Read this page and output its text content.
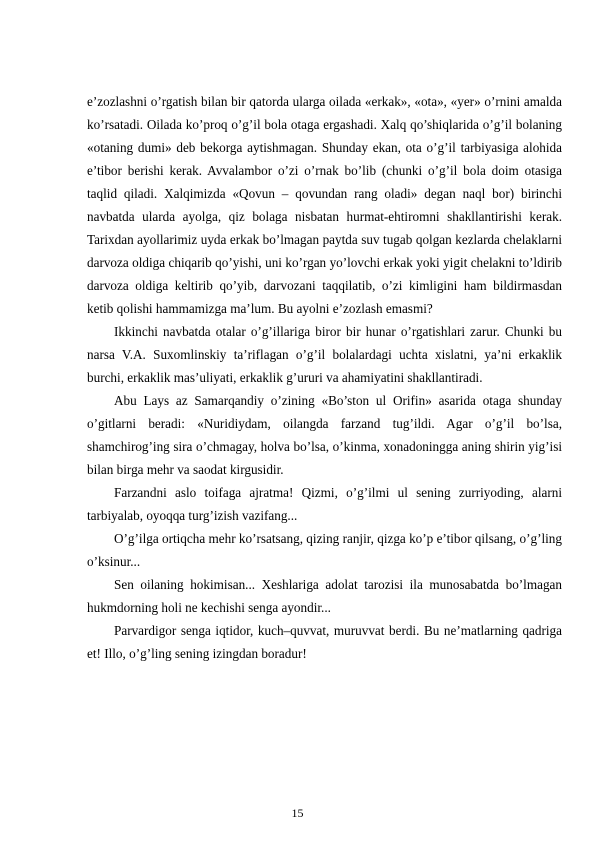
e’zozlashni o’rgatish bilan bir qatorda ularga oilada «erkak», «ota», «yer» o’rnini amalda ko’rsatadi. Oilada ko’proq o’g’il bola otaga ergashadi. Xalq qo’shiqlarida o’g’il bolaning «otaning dumi» deb bekorga aytishmagan. Shunday ekan, ota o’g’il tarbiyasiga alohida e’tibor berishi kerak. Avvalambor o’zi o’rnak bo’lib (chunki o’g’il bola doim otasiga taqlid qiladi. Xalqimizda «Qovun – qovundan rang oladi» degan naql bor) birinchi navbatda ularda ayolga, qiz bolaga nisbatan hurmat-ehtiromni shakllantirishi kerak. Tarixdan ayollarimiz uyda erkak bo’lmagan paytda suv tugab qolgan kezlarda chelaklarni darvoza oldiga chiqarib qo’yishi, uni ko’rgan yo’lovchi erkak yoki yigit chelakni to’ldirib darvoza oldiga keltirib qo’yib, darvozani taqqilatib, o’zi kimligini ham bildirmasdan ketib qolishi hammamizga ma’lum. Bu ayolni e’zozlash emasmi?

Ikkinchi navbatda otalar o’g’illariga biror bir hunar o’rgatishlari zarur. Chunki bu narsa V.A. Suxomlinskiy ta’riflagan o’g’il bolalardagi uchta xislatni, ya’ni erkaklik burchi, erkaklik mas’uliyati, erkaklik g’ururi va ahamiyatini shakllantiradi.

Abu Lays az Samarqandiy o’zining «Bo’ston ul Orifin» asarida otaga shunday o’gitlarni beradi: «Nuridiydam, oilangda farzand tug’ildi. Agar o’g’il bo’lsa, shamchirog’ing sira o’chmagay, holva bo’lsa, o’kinma, xonadoningga aning shirin yig’isi bilan birga mehr va saodat kirgusidir.

Farzandni aslo toifaga ajratma! Qizmi, o’g’ilmi ul sening zurriyoding, alarni tarbiyalab, oyoqqa turg’izish vazifang...

O’g’ilga ortiqcha mehr ko’rsatsang, qizing ranjir, qizga ko’p e’tibor qilsang, o’g’ling o’ksinur...

Sen oilaning hokimisan... Xeshlariga adolat tarozisi ila munosabatda bo’lmagan hukmdorning holi ne kechishi senga ayondir...

Parvardigor senga iqtidor, kuch–quvvat, muruvvat berdi. Bu ne’matlarning qadriga et! Illo, o’g’ling sening izingdan boradur!

15
